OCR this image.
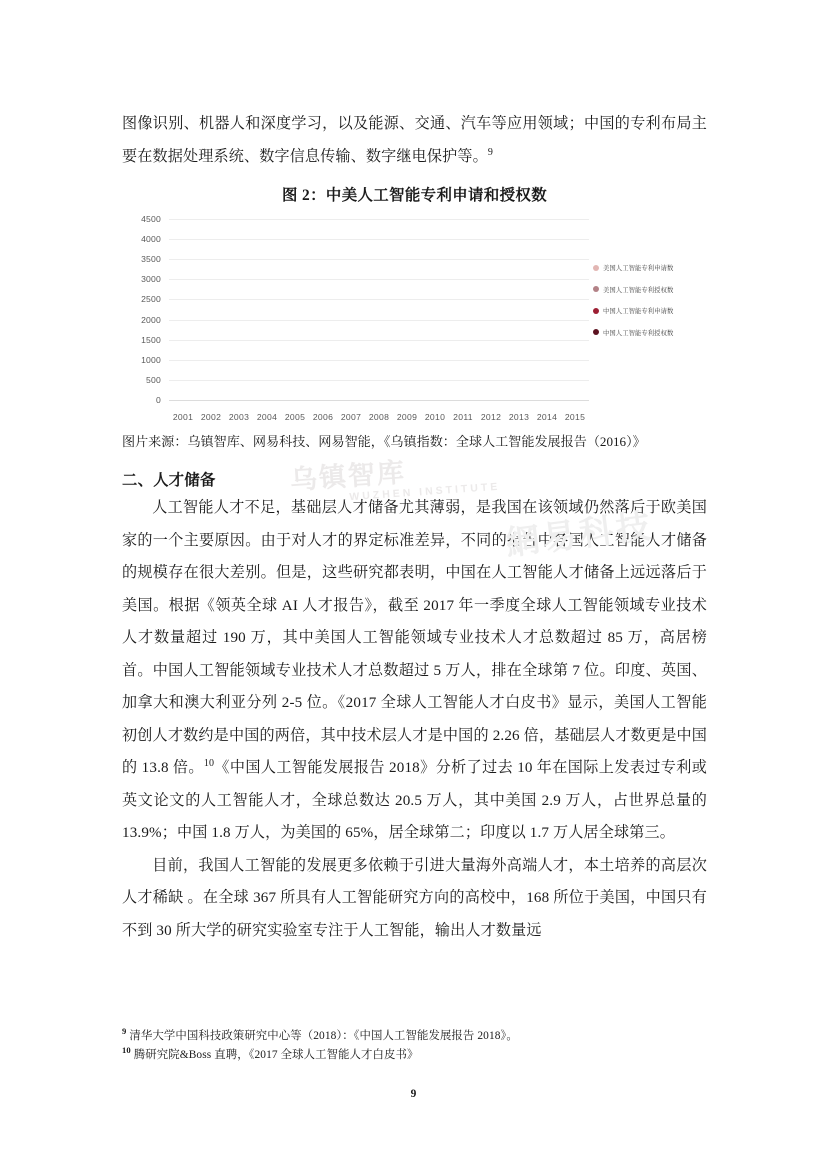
图像识别、机器人和深度学习，以及能源、交通、汽车等应用领域；中国的专利布局主要在数据处理系统、数字信息传输、数字继电保护等。$^9$

图 2：中美人工智能专利申请和授权数
0
500
1000
1500
2000
2500
3000
3500
4000
4500
2001 2002 2003 2004 2005 2006 2007 2008 2009 2010 2011 2012 2013 2014 2015
美国人工智能专利申请数
美国人工智能专利授权数
中国人工智能专利申请数
中国人工智能专利授权数
乌镇智库
WUZHEN INSTITUTE
網易科技

图片来源：乌镇智库、网易科技、网易智能，《乌镇指数：全球人工智能发展报告（2016）》

二、人才储备

人工智能人才不足，基础层人才储备尤其薄弱，是我国在该领域仍然落后于欧美国家的一个主要原因。由于对人才的界定标准差异，不同的报告中各国人工智能人才储备的规模存在很大差别。但是，这些研究都表明，中国在人工智能人才储备上远远落后于美国。根据《领英全球 AI 人才报告》，截至 2017 年一季度全球人工智能领域专业技术人才数量超过 190 万，其中美国人工智能领域专业技术人才总数超过 85 万，高居榜首。中国人工智能领域专业技术人才总数超过 5 万人，排在全球第 7 位。印度、英国、加拿大和澳大利亚分列 2-5 位。《2017 全球人工智能人才白皮书》显示，美国人工智能初创人才数约是中国的两倍，其中技术层人才是中国的 2.26 倍，基础层人才数更是中国的 13.8 倍。$^{10}$《中国人工智能发展报告 2018》分析了过去 10 年在国际上发表过专利或英文论文的人工智能人才，全球总数达 20.5 万人，其中美国 2.9 万人，占世界总量的 13.9%；中国 1.8 万人，为美国的 65%，居全球第二；印度以 1.7 万人居全球第三。

目前，我国人工智能的发展更多依赖于引进大量海外高端人才，本土培养的高层次人才稀缺 。在全球 367 所具有人工智能研究方向的高校中，168 所位于美国，中国只有不到 30 所大学的研究实验室专注于人工智能，输出人才数量远

$^9$ 清华大学中国科技政策研究中心等（2018）：《中国人工智能发展报告 2018》。

$^{10}$ 腾研究院&Boss 直聘，《2017 全球人工智能人才白皮书》

9
